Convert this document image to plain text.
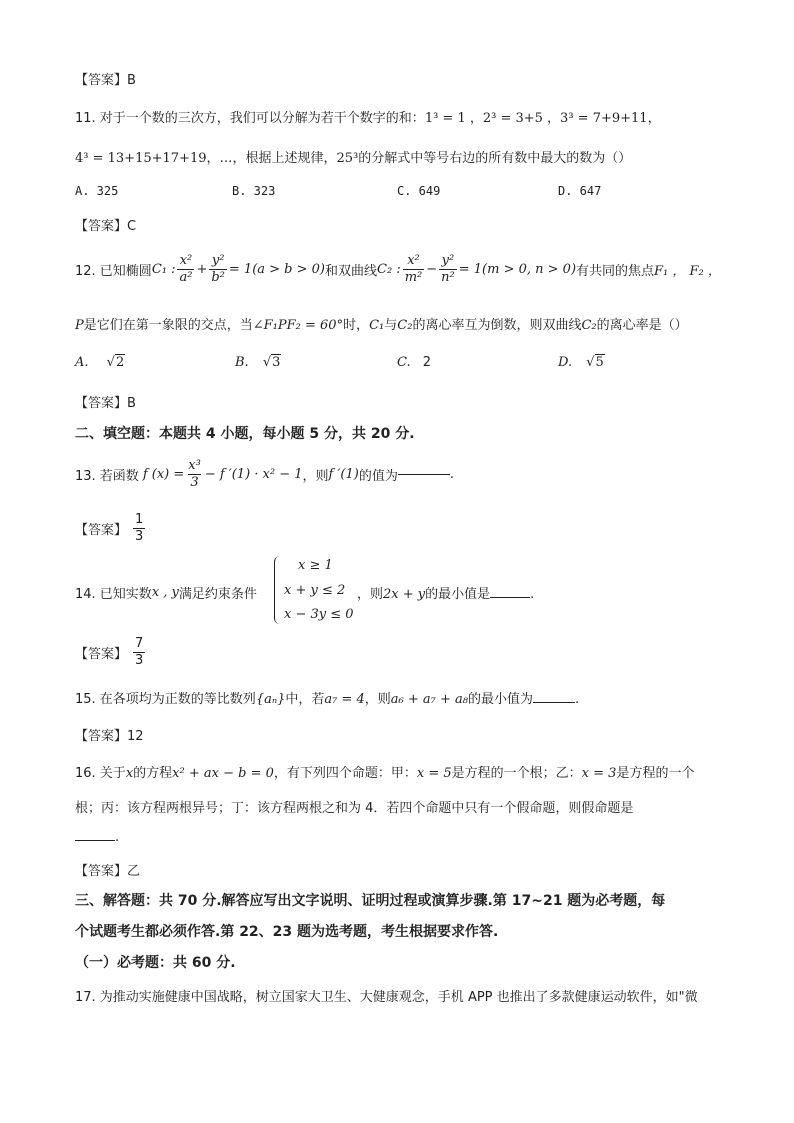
【答案】B
11. 对于一个数的三次方，我们可以分解为若干个数字的和：1³ = 1 ，2³ = 3+5 ，3³ = 7+9+11，
4³ = 13+15+17+19，…，根据上述规律，25³的分解式中等号右边的所有数中最大的数为（）
A. 325	B. 323	C. 649	D. 647
【答案】C
12. 已知椭圆 C₁ : $\frac{\text{x²}}{\text{a²}} + \frac{\text{y²}}{\text{b²}} = 1(a > b > 0)$ 和双曲线 C₂ : $\frac{\text{x²}}{\text{m²}} - \frac{\text{y²}}{\text{n²}} = 1(m > 0$, n > 0) 有共同的焦点 F₁ ， F₂ ，
P是它们在第一象限的交点，当∠F₁PF₂ = 60°时，C₁与C₂的离心率互为倒数，则双曲线C₂的离心率是（）
A. √2	B. √3	C. 2	D. √5
【答案】B
二、填空题：本题共 4 小题，每小题 5 分，共 20 分.
13. 若函数 f $(x) = \frac{\text{x³}}{3} - f$ ′(1) · x² − 1 ，则 f ′(1) 的值为	.
【答案】 $\frac{1}{3}$
14. 已知实数 x , y 满足约束条件
x ≥ 1
x + y ≤ 2
x − 3y ≤ 0
，则2x + y的最小值是	.
【答案】 $\frac{7}{3}$
15. 在各项均为正数的等比数列{aₙ}中，若a₇ = 4，则a₆ + a₇ + a₈的最小值为	.
【答案】12
16. 关于x的方程x² + ax − b = 0，有下列四个命题：甲：x = 5是方程的一个根；乙：x = 3是方程的一个
根；丙：该方程两根异号；丁：该方程两根之和为 4．若四个命题中只有一个假命题，则假命题是
.
【答案】乙
三、解答题：共 70 分.解答应写出文字说明、证明过程或演算步骤.第 17~21 题为必考题，每
个试题考生都必须作答.第 22、23 题为选考题，考生根据要求作答.
（一）必考题：共 60 分.
17. 为推动实施健康中国战略，树立国家大卫生、大健康观念，手机 APP 也推出了多款健康运动软件，如"微
